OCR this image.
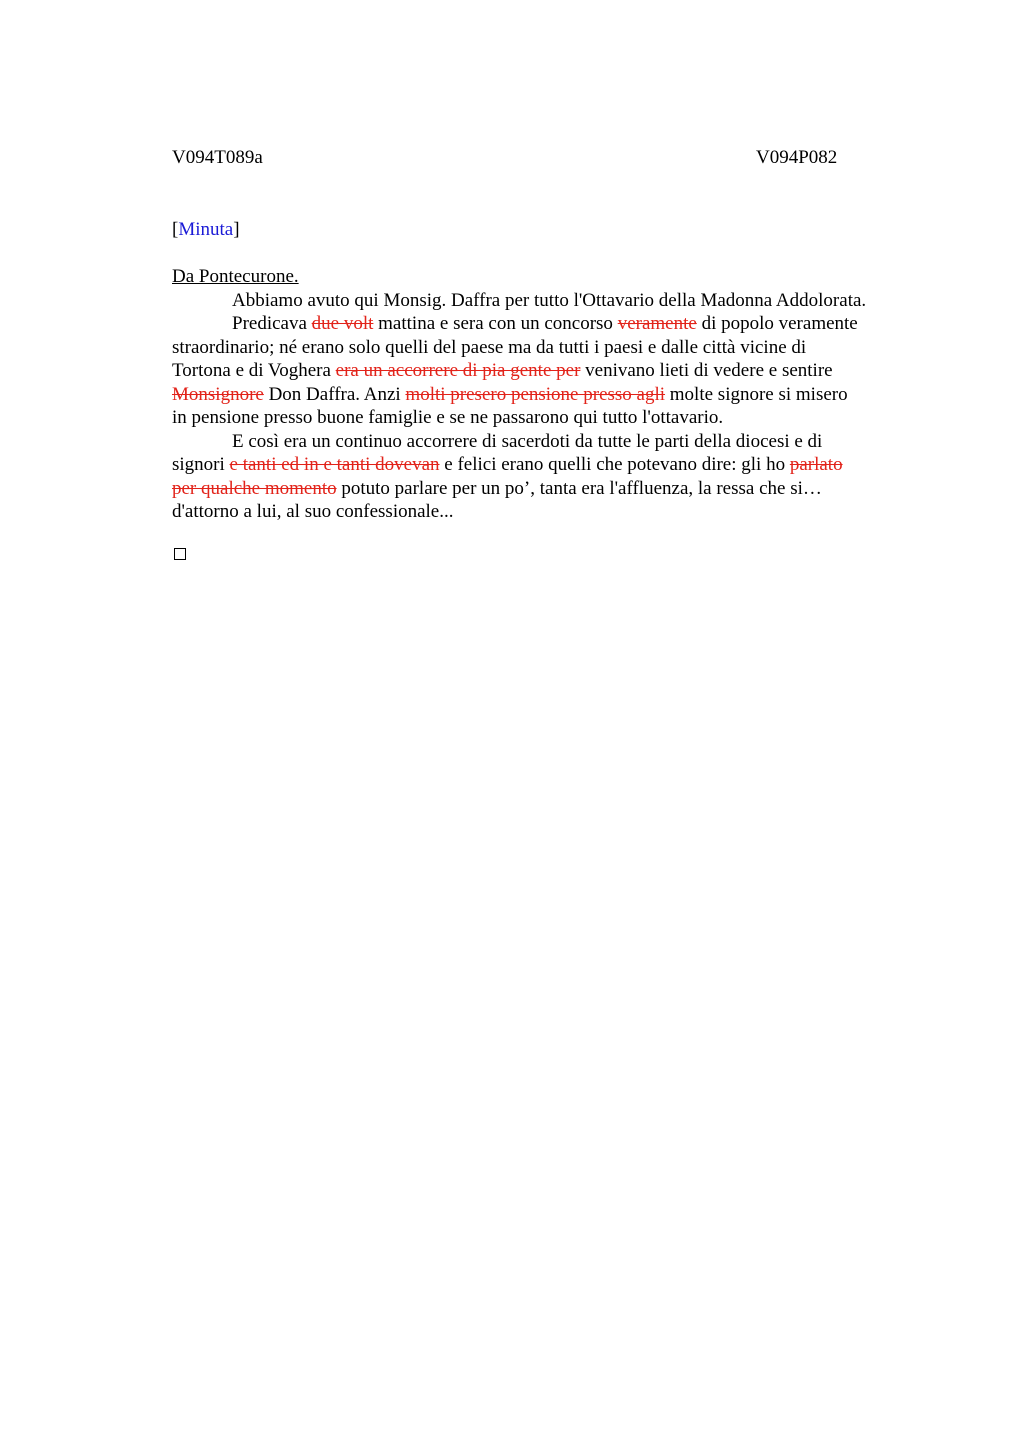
V094T089a	V094P082
[Minuta]
Da Pontecurone.
Abbiamo avuto qui Monsig. Daffra per tutto l'Ottavario della Madonna Addolorata.
Predicava due volt mattina e sera con un concorso veramente di popolo veramente
straordinario; né erano solo quelli del paese ma da tutti i paesi e dalle città vicine di
Tortona e di Voghera era un accorrere di pia gente per venivano lieti di vedere e sentire
Monsignore Don Daffra. Anzi molti presero pensione presso agli molte signore si misero
in pensione presso buone famiglie e se ne passarono qui tutto l'ottavario.
E così era un continuo accorrere di sacerdoti da tutte le parti della diocesi e di
signori e tanti ed in e tanti dovevan e felici erano quelli che potevano dire: gli ho parlato
per qualche momento potuto parlare per un po’, tanta era l'affluenza, la ressa che si…
d'attorno a lui, al suo confessionale...
